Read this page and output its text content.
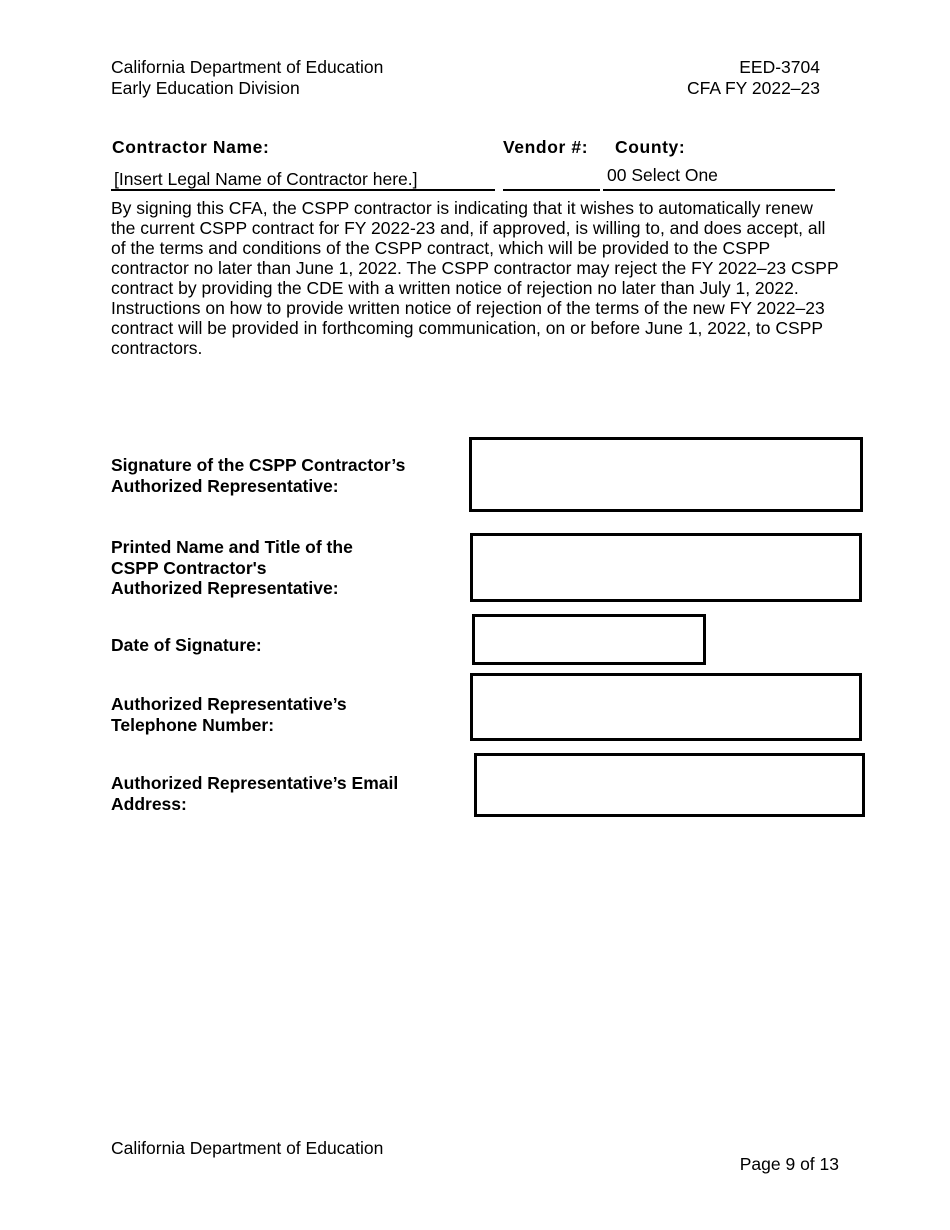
California Department of Education
Early Education Division
EED-3704
CFA FY 2022–23
Contractor Name:	Vendor #: County:
[Insert Legal Name of Contractor here.]	00 Select One
By signing this CFA, the CSPP contractor is indicating that it wishes to automatically renew the current CSPP contract for FY 2022-23 and, if approved, is willing to, and does accept, all of the terms and conditions of the CSPP contract, which will be provided to the CSPP contractor no later than June 1, 2022. The CSPP contractor may reject the FY 2022–23 CSPP contract by providing the CDE with a written notice of rejection no later than July 1, 2022. Instructions on how to provide written notice of rejection of the terms of the new FY 2022–23 contract will be provided in forthcoming communication, on or before June 1, 2022, to CSPP contractors.
Signature of the CSPP Contractor’s
Authorized Representative:
Printed Name and Title of the
CSPP Contractor's
Authorized Representative:
Date of Signature:
Authorized Representative’s
Telephone Number:
Authorized Representative’s Email
Address:
California Department of Education
Page 9 of 13
